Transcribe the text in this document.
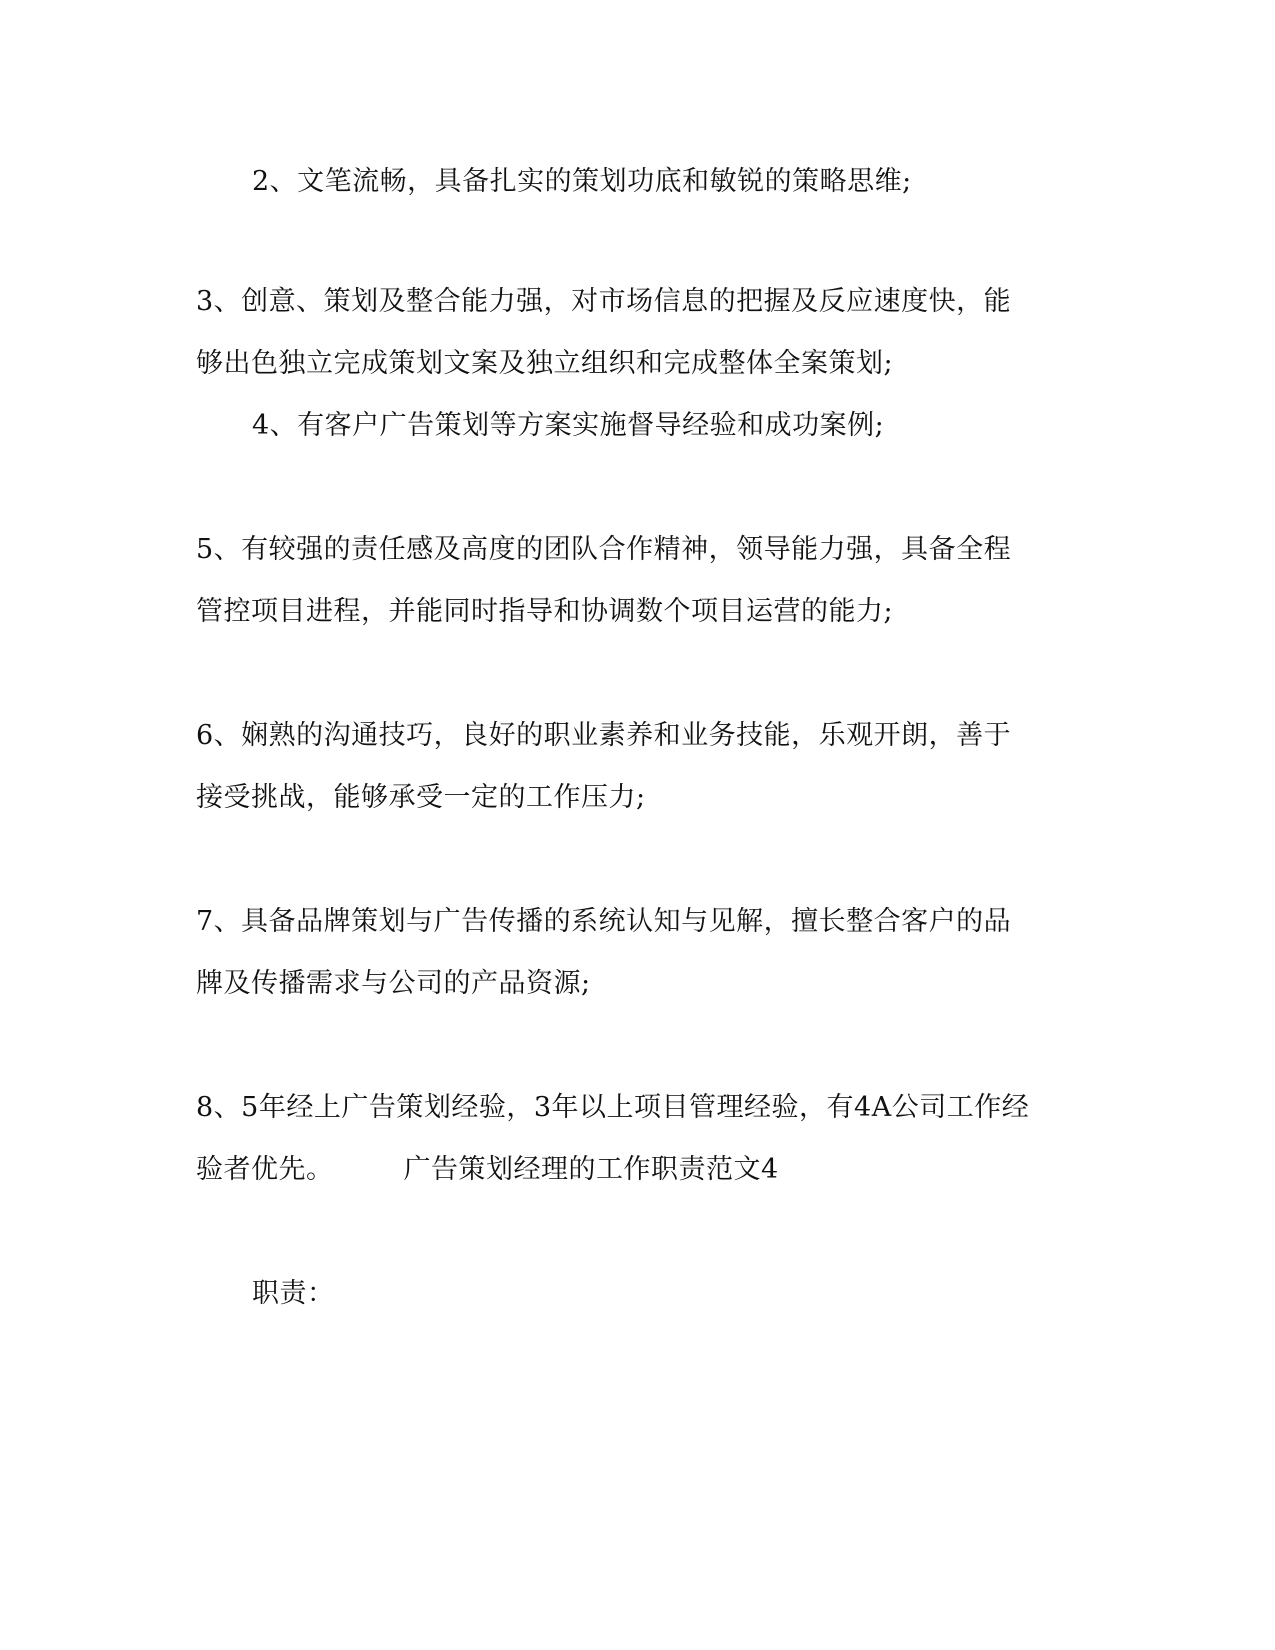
2、文笔流畅，具备扎实的策划功底和敏锐的策略思维;
3、创意、策划及整合能力强，对市场信息的把握及反应速度快，能
够出色独立完成策划文案及独立组织和完成整体全案策划;
4、有客户广告策划等方案实施督导经验和成功案例;
5、有较强的责任感及高度的团队合作精神，领导能力强，具备全程
管控项目进程，并能同时指导和协调数个项目运营的能力;
6、娴熟的沟通技巧，良好的职业素养和业务技能，乐观开朗，善于
接受挑战，能够承受一定的工作压力;
7、具备品牌策划与广告传播的系统认知与见解，擅长整合客户的品
牌及传播需求与公司的产品资源;
8、5年经上广告策划经验，3年以上项目管理经验，有4A公司工作经
验者优先。	广告策划经理的工作职责范文4
职责：
